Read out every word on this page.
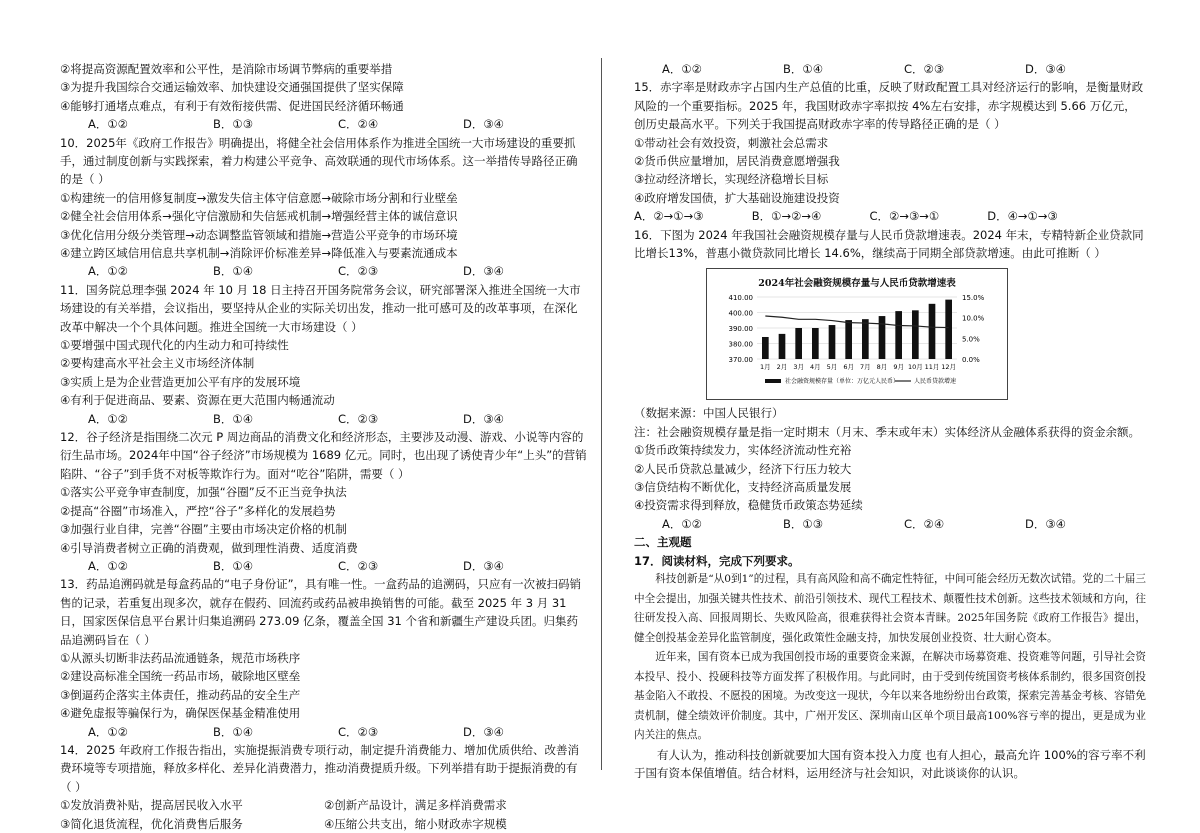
②将提高资源配置效率和公平性，是消除市场调节弊病的重要举措
③为提升我国综合交通运输效率、加快建设交通强国提供了坚实保障
④能够打通堵点难点，有利于有效衔接供需、促进国民经济循环畅通
A．①②	B．①③	C．②④	D．③④
10．2025年《政府工作报告》明确提出，将健全社会信用体系作为推进全国统一大市场建设的重要抓手，通过制度创新与实践探索，着力构建公平竞争、高效联通的现代市场体系。这一举措传导路径正确的是（ ）
①构建统一的信用修复制度→激发失信主体守信意愿→破除市场分割和行业壁垒
②健全社会信用体系→强化守信激励和失信惩戒机制→增强经营主体的诚信意识
③优化信用分级分类管理→动态调整监管领域和措施→营造公平竞争的市场环境
④建立跨区域信用信息共享机制→消除评价标准差异→降低准入与要素流通成本
A．①②	B．①④	C．②③	D．③④
11．国务院总理李强 2024 年 10 月 18 日主持召开国务院常务会议，研究部署深入推进全国统一大市场建设的有关举措，会议指出，要坚持从企业的实际关切出发，推动一批可感可及的改革事项，在深化改革中解决一个个具体问题。推进全国统一大市场建设（ ）
①要增强中国式现代化的内生动力和可持续性
②要构建高水平社会主义市场经济体制
③实质上是为企业营造更加公平有序的发展环境
④有利于促进商品、要素、资源在更大范围内畅通流动
A．①②	B．①④	C．②③	D．③④
12．谷子经济是指围绕二次元 P 周边商品的消费文化和经济形态，主要涉及动漫、游戏、小说等内容的衍生品市场。2024年中国“谷子经济”市场规模为 1689 亿元。同时，也出现了诱使青少年“上头”的营销陷阱、“谷子”到手货不对板等欺诈行为。面对“吃谷”陷阱，需要（ ）
①落实公平竞争审查制度，加强“谷圈”反不正当竞争执法
②提高“谷圈”市场准入，严控“谷子”多样化的发展趋势
③加强行业自律，完善“谷圈”主要由市场决定价格的机制
④引导消费者树立正确的消费观，做到理性消费、适度消费
A．①②	B．①④	C．②③	D．③④
13．药品追溯码就是每盒药品的“电子身份证”，具有唯一性。一盒药品的追溯码，只应有一次被扫码销售的记录，若重复出现多次，就存在假药、回流药或药品被串换销售的可能。截至 2025 年 3 月 31 日，国家医保信息平台累计归集追溯码 273.09 亿条，覆盖全国 31 个省和新疆生产建设兵团。归集药品追溯码旨在（ ）
①从源头切断非法药品流通链条，规范市场秩序
②建设高标准全国统一药品市场，破除地区壁垒
③倒逼药企落实主体责任，推动药品的安全生产
④避免虚报等骗保行为，确保医保基金精准使用
A．①②	B．①④	C．②③	D．③④
14．2025 年政府工作报告指出，实施提振消费专项行动，制定提升消费能力、增加优质供给、改善消费环境等专项措施，释放多样化、差异化消费潜力，推动消费提质升级。下列举措有助于提振消费的有（ ）
①发放消费补贴，提高居民收入水平	②创新产品设计，满足多样消费需求
③简化退货流程，优化消费售后服务	④压缩公共支出，缩小财政赤字规模
A．①②	B．①④	C．②③	D．③④
15．赤字率是财政赤字占国内生产总值的比重，反映了财政配置工具对经济运行的影响，是衡量财政风险的一个重要指标。2025 年，我国财政赤字率拟按 4%左右安排，赤字规模达到 5.66 万亿元，创历史最高水平。下列关于我国提高财政赤字率的传导路径正确的是（ ）
①带动社会有效投资，刺激社会总需求
②货币供应量增加，居民消费意愿增强我
③拉动经济增长，实现经济稳增长目标
④政府增发国债，扩大基础设施建设投资
A．②→①→③	B．①→②→④	C．②→③→①	D．④→①→③
16．下图为 2024 年我国社会融资规模存量与人民币贷款增速表。2024 年末，专精特新企业贷款同比增长13%，普惠小微贷款同比增长 14.6%，继续高于同期全部贷款增速。由此可推断（ ）
2024年社会融资规模存量与人民币贷款增速表
370.00
380.00
390.00
400.00
410.00
0.0%
5.0%
10.0%
15.0%
1月 2月 3月 4月 5月 6月 7月 8月 9月 10月 11月 12月
社会融资规模存量（单位：万亿元人民币） 人民币贷款增速
（数据来源：中国人民银行）
注：社会融资规模存量是指一定时期末（月末、季末或年末）实体经济从金融体系获得的资金余额。
①货币政策持续发力，实体经济流动性充裕
②人民币贷款总量减少，经济下行压力较大
③信贷结构不断优化，支持经济高质量发展
④投资需求得到释放，稳健货币政策态势延续
A．①②	B．①③	C．②④	D．③④
二、主观题
17．阅读材料，完成下列要求。
科技创新是“从0到1”的过程，具有高风险和高不确定性特征，中间可能会经历无数次试错。党的二十届三中全会提出，加强关键共性技术、前沿引领技术、现代工程技术、颠覆性技术创新。这些技术领域和方向，往往研发投入高、回报周期长、失败风险高，很难获得社会资本青睐。2025年国务院《政府工作报告》提出，健全创投基金差异化监管制度，强化政策性金融支持，加快发展创业投资、壮大耐心资本。
近年来，国有资本已成为我国创投市场的重要资金来源，在解决市场募资难、投资难等问题，引导社会资本投早、投小、投硬科技等方面发挥了积极作用。与此同时，由于受到传统国资考核体系制约，很多国资创投基金陷入不敢投、不愿投的困境。为改变这一现状，今年以来各地纷纷出台政策，探索完善基金考核、容错免责机制，健全绩效评价制度。其中，广州开发区、深圳南山区单个项目最高100%容亏率的提出，更是成为业内关注的焦点。
有人认为，推动科技创新就要加大国有资本投入力度 也有人担心，最高允许 100%的容亏率不利于国有资本保值增值。结合材料，运用经济与社会知识，对此谈谈你的认识。
